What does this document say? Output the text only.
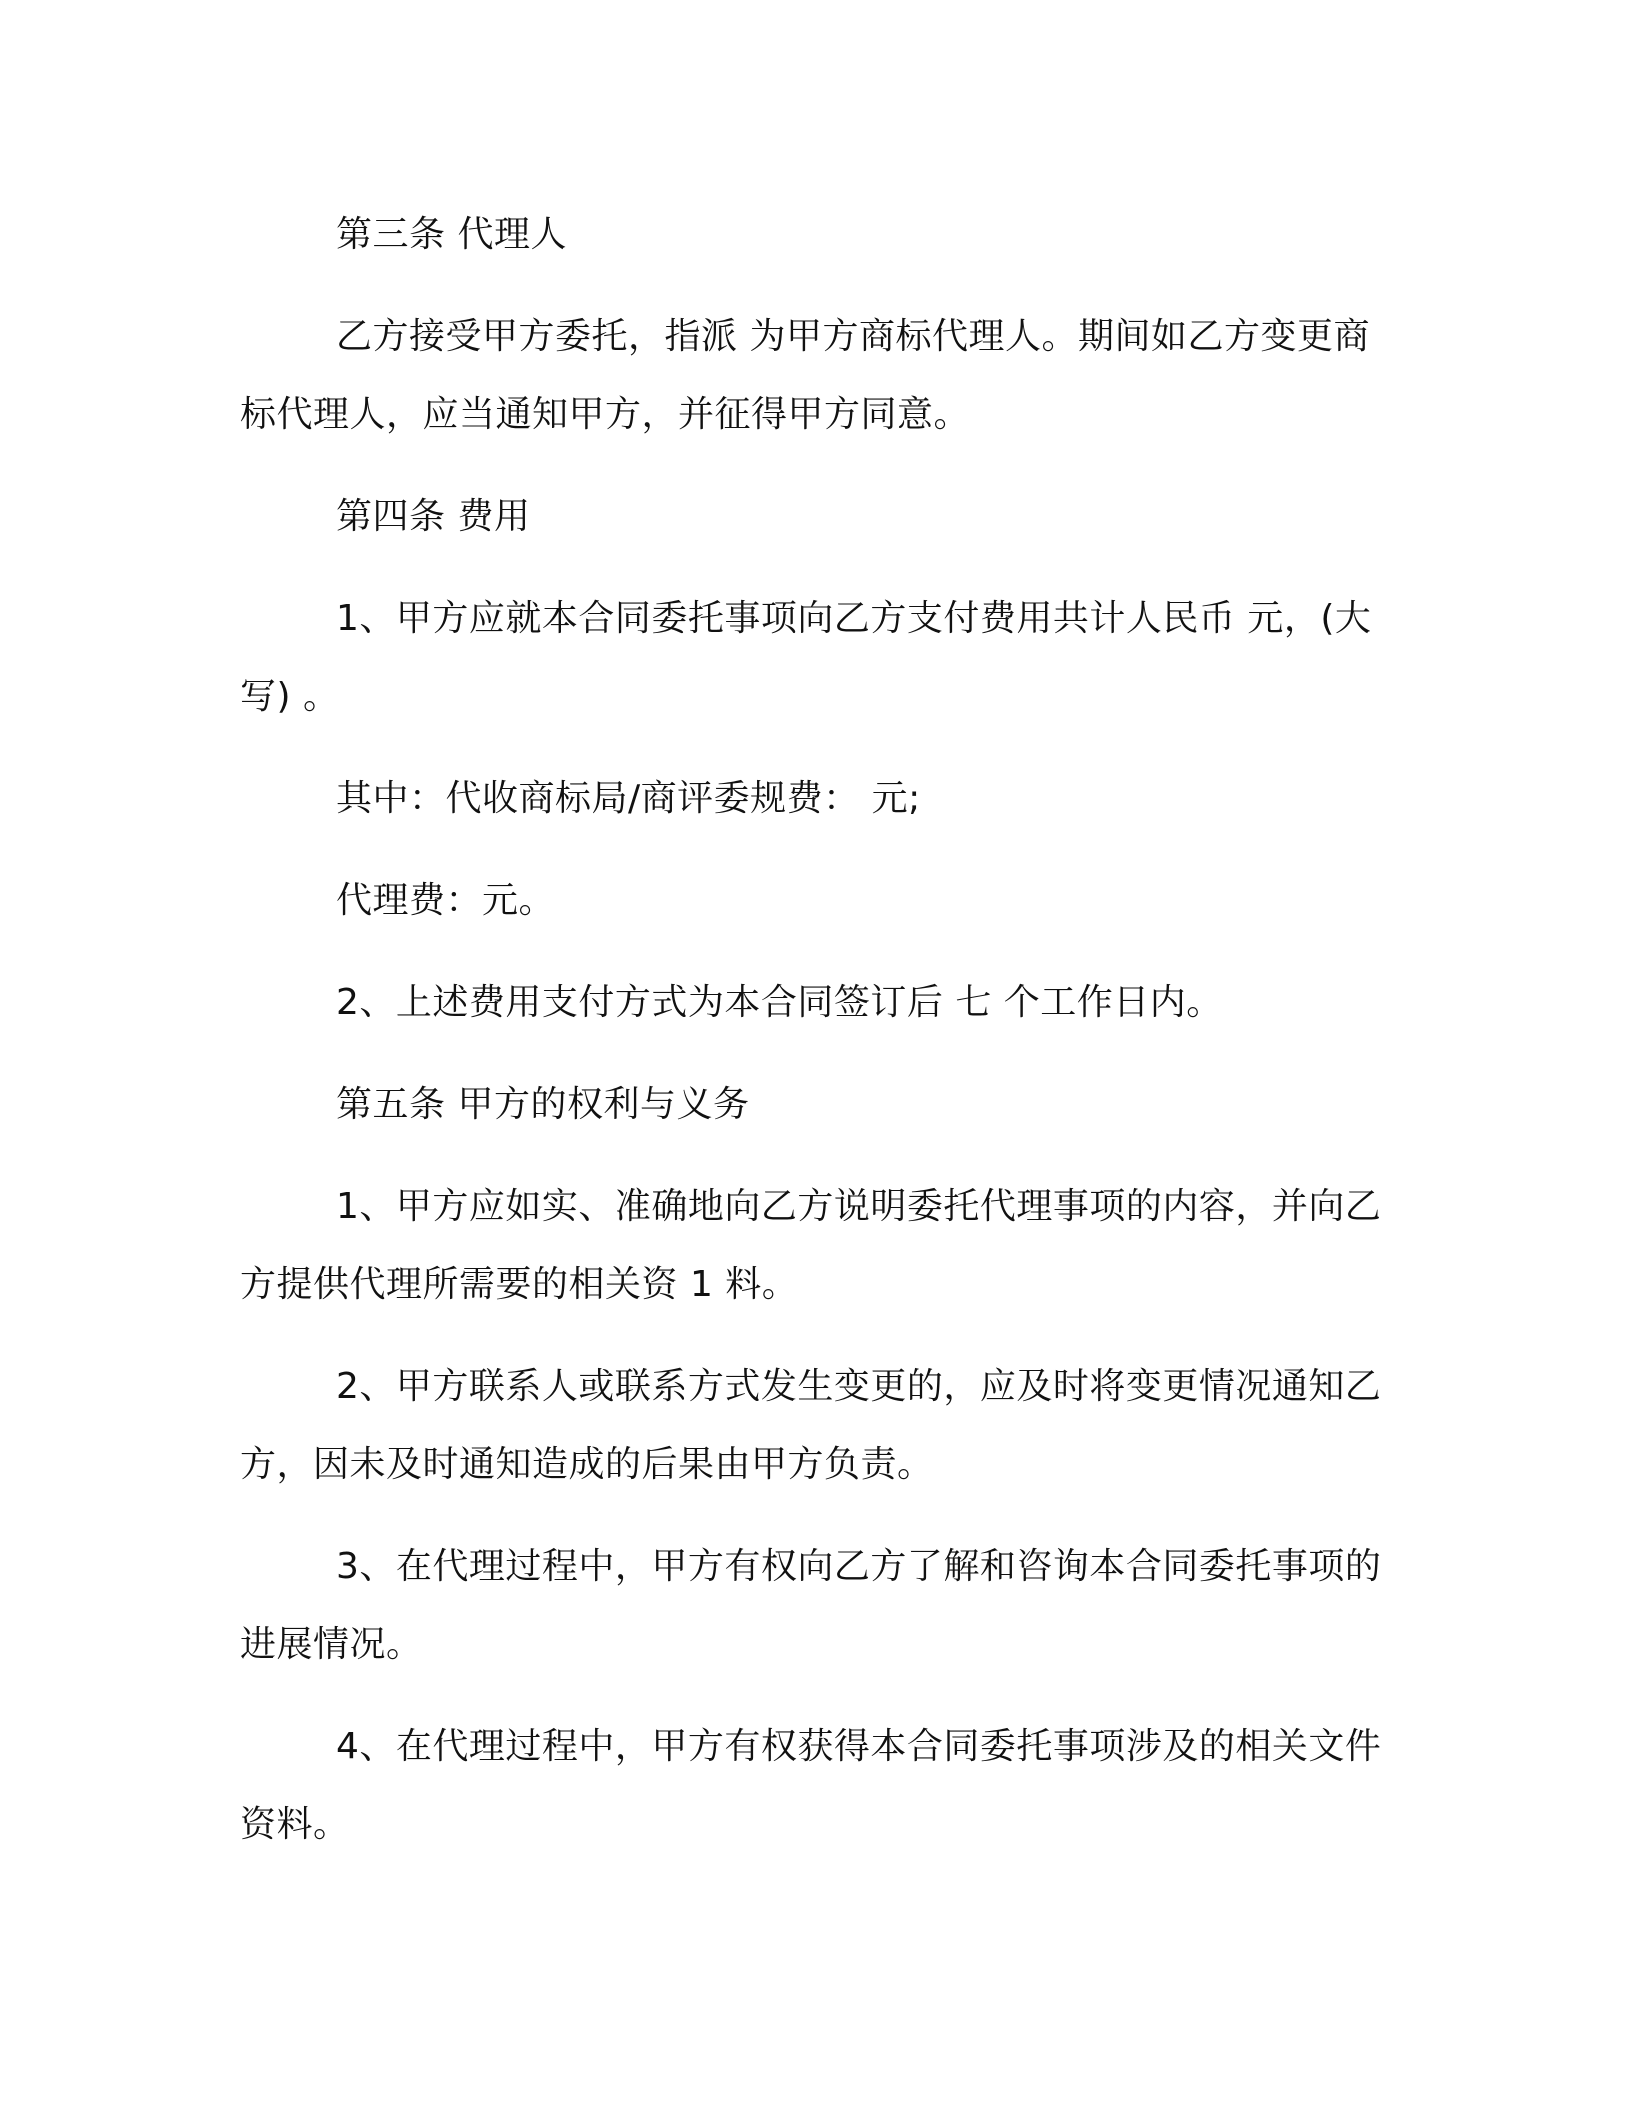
第三条 代理人

乙方接受甲方委托，指派 为甲方商标代理人。期间如乙方变更商标代理人，应当通知甲方，并征得甲方同意。

第四条 费用

1、甲方应就本合同委托事项向乙方支付费用共计人民币 元，(大写) 。

其中：代收商标局/商评委规费： 元;

代理费：元。

2、上述费用支付方式为本合同签订后 七 个工作日内。

第五条 甲方的权利与义务

1、甲方应如实、准确地向乙方说明委托代理事项的内容，并向乙方提供代理所需要的相关资 1 料。

2、甲方联系人或联系方式发生变更的，应及时将变更情况通知乙方，因未及时通知造成的后果由甲方负责。

3、在代理过程中，甲方有权向乙方了解和咨询本合同委托事项的进展情况。

4、在代理过程中，甲方有权获得本合同委托事项涉及的相关文件资料。
